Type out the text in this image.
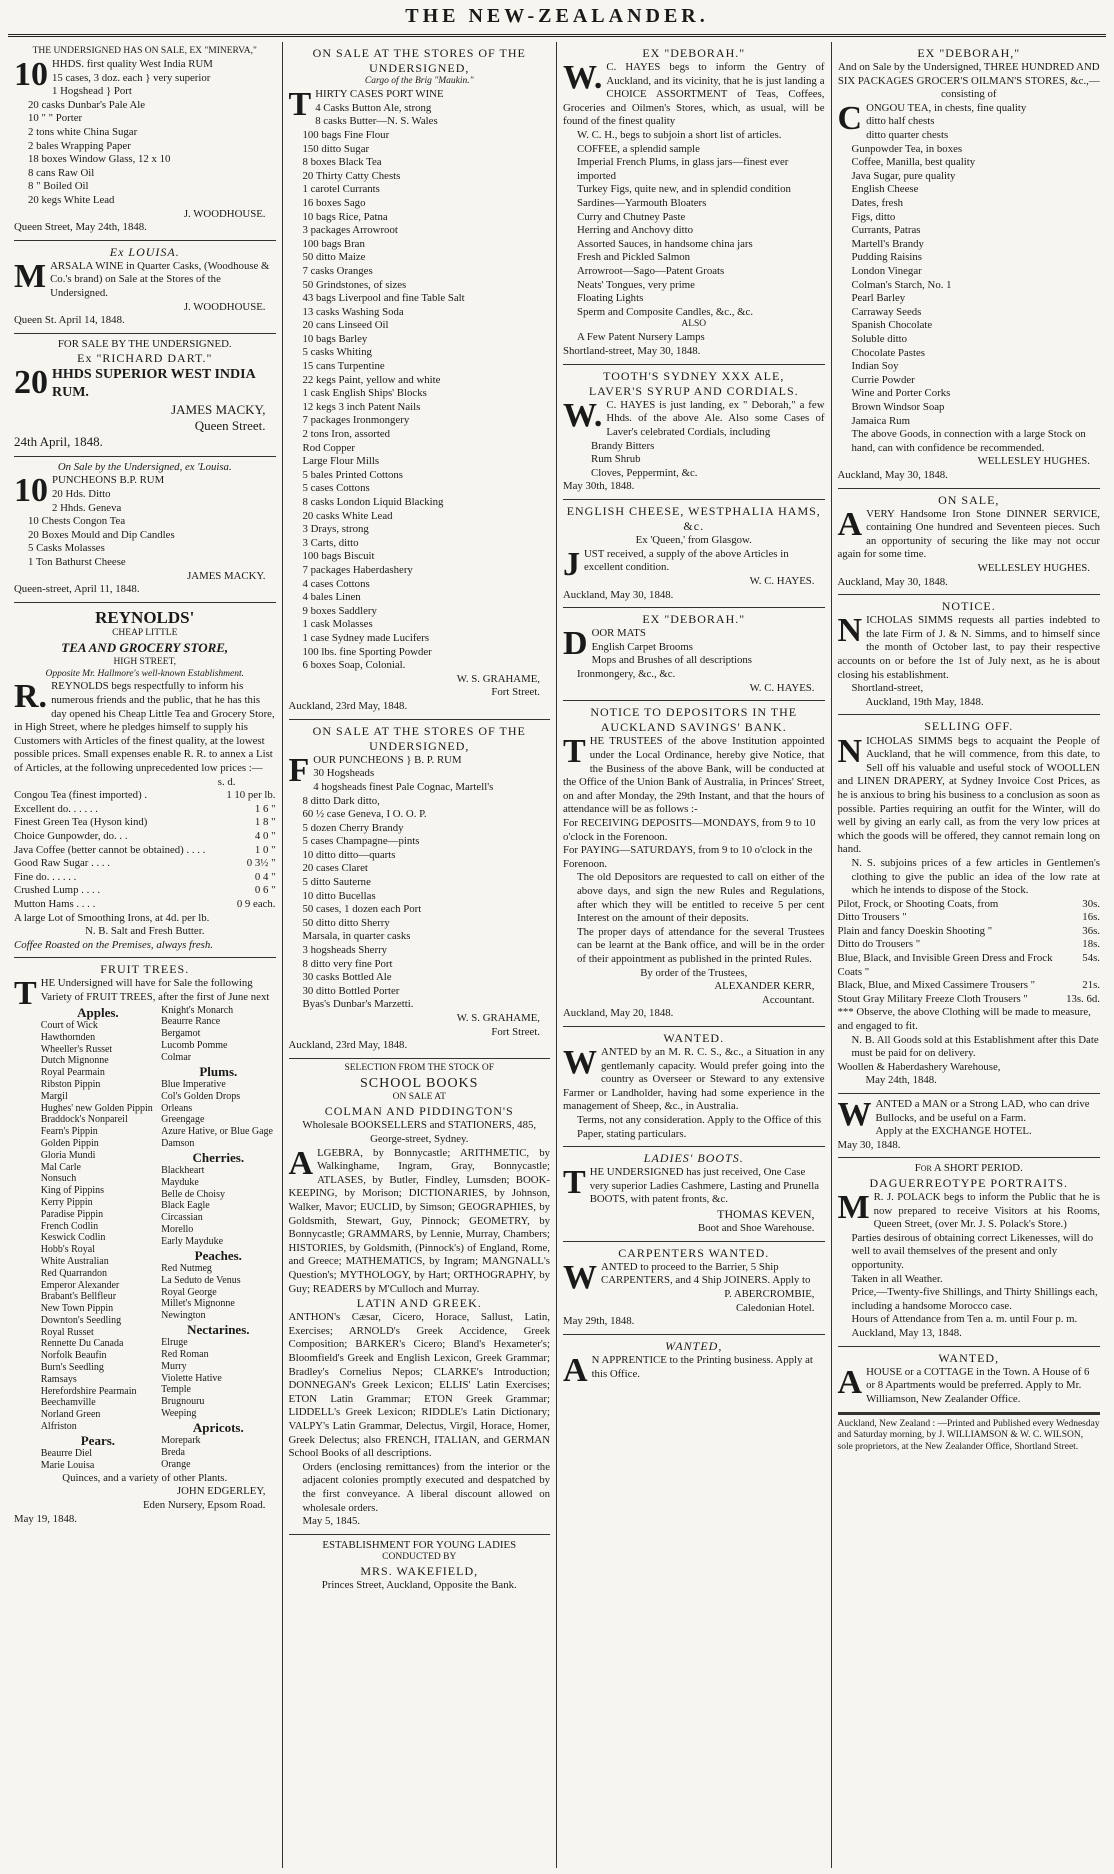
THE NEW-ZEALANDER.

THE UNDERSIGNED HAS ON SALE, EX "MINERVA,"

10 HHDS. first quality West India RUM

15 cases, 3 doz. each } very superior

1 Hogshead } Port

20 casks Dunbar's Pale Ale

10 " " Porter

2 tons white China Sugar

2 bales Wrapping Paper

18 boxes Window Glass, 12 x 10

8 cans Raw Oil

8 " Boiled Oil

20 kegs White Lead

J. WOODHOUSE.

Queen Street, May 24th, 1848.

Ex LOUISA.

MARSALA WINE in Quarter Casks, (Woodhouse & Co.'s brand) on Sale at the Stores of the Undersigned.

J. WOODHOUSE.

Queen St. April 14, 1848.

FOR SALE BY THE UNDERSIGNED.

Ex "RICHARD DART."

20 HHDS SUPERIOR WEST INDIA RUM.

JAMES MACKY,

Queen Street.

24th April, 1848.

On Sale by the Undersigned, ex 'Louisa.

10 PUNCHEONS B.P. RUM

20 Hds. Ditto

2 Hhds. Geneva

10 Chests Congon Tea

20 Boxes Mould and Dip Candles

5 Casks Molasses

1 Ton Bathurst Cheese

JAMES MACKY.

Queen-street, April 11, 1848.

REYNOLDS'

CHEAP LITTLE

TEA AND GROCERY STORE,

HIGH STREET,

Opposite Mr. Hallmore's well-known Establishment.

R. REYNOLDS begs respectfully to inform his numerous friends and the public, that he has this day opened his Cheap Little Tea and Grocery Store, in High Street, where he pledges himself to supply his Customers with Articles of the finest quality, at the lowest possible prices. Small expenses enable R. R. to annex a List of Articles, at the following unprecedented low prices :—

s. d.

Congou Tea (finest imported) .	1 10 per lb.
Excellent do. . . . . .	1 6 "
Finest Green Tea (Hyson kind)	1 8 "
Choice Gunpowder, do. . .	4 0 "
Java Coffee (better cannot be obtained) . . . .	1 0 "
Good Raw Sugar . . . .	0 3½ "
Fine do. . . . . .	0 4 "
Crushed Lump . . . .	0 6 "
Mutton Hams . . . .	0 9 each.

A large Lot of Smoothing Irons, at 4d. per lb.

N. B. Salt and Fresh Butter.

Coffee Roasted on the Premises, always fresh.

FRUIT TREES.

THE Undersigned will have for Sale the following Variety of FRUIT TREES, after the first of June next

Apples.

Court of Wick

Hawthornden

Wheeller's Russet

Dutch Mignonne

Royal Pearmain

Ribston Pippin

Margil

Hughes' new Golden Pippin

Braddock's Nonpareil

Fearn's Pippin

Golden Pippin

Gloria Mundi

Mal Carle

Nonsuch

King of Pippins

Kerry Pippin

Paradise Pippin

French Codlin

Keswick Codlin

Hobb's Royal

White Australian

Red Quarrandon

Emperor Alexander

Brabant's Bellfleur

New Town Pippin

Downton's Seedling

Royal Russet

Rennette Du Canada

Norfolk Beaufin

Burn's Seedling

Ramsays

Herefordshire Pearmain

Beechamville

Norland Green

Alfriston

Pears.

Beaurre Diel

Marie Louisa

Knight's Monarch

Beaurre Rance

Bergamot

Lucomb Pomme

Colmar

Plums.

Blue Imperative

Col's Golden Drops

Orleans

Greengage

Azure Hative, or Blue Gage

Damson

Cherries.

Blackheart

Mayduke

Belle de Choisy

Black Eagle

Circassian

Morello

Early Mayduke

Peaches.

Red Nutmeg

La Seduto de Venus

Royal George

Millet's Mignonne

Newington

Nectarines.

Elruge

Red Roman

Murry

Violette Hative

Temple

Brugnouru

Weeping

Apricots.

Morepark

Breda

Orange

Quinces, and a variety of other Plants.

JOHN EDGERLEY,

Eden Nursery, Epsom Road.

May 19, 1848.

ON SALE AT THE STORES OF THE UNDERSIGNED,

Cargo of the Brig "Maukin."

THIRTY CASES PORT WINE

4 Casks Button Ale, strong

8 casks Butter—N. S. Wales

100 bags Fine Flour

150 ditto Sugar

8 boxes Black Tea

20 Thirty Catty Chests

1 carotel Currants

16 boxes Sago

10 bags Rice, Patna

3 packages Arrowroot

100 bags Bran

50 ditto Maize

7 casks Oranges

50 Grindstones, of sizes

43 bags Liverpool and fine Table Salt

13 casks Washing Soda

20 cans Linseed Oil

10 bags Barley

5 casks Whiting

15 cans Turpentine

22 kegs Paint, yellow and white

1 cask English Ships' Blocks

12 kegs 3 inch Patent Nails

7 packages Ironmongery

2 tons Iron, assorted

Rod Copper

Large Flour Mills

5 bales Printed Cottons

5 cases Cottons

8 casks London Liquid Blacking

20 casks White Lead

3 Drays, strong

3 Carts, ditto

100 bags Biscuit

7 packages Haberdashery

4 cases Cottons

4 bales Linen

9 boxes Saddlery

1 cask Molasses

1 case Sydney made Lucifers

100 lbs. fine Sporting Powder

6 boxes Soap, Colonial.

W. S. GRAHAME,

Fort Street.

Auckland, 23rd May, 1848.

ON SALE AT THE STORES OF THE UNDERSIGNED,

FOUR PUNCHEONS } B. P. RUM

30 Hogsheads

4 hogsheads finest Pale Cognac, Martell's

8 ditto Dark ditto,

60 ½ case Geneva, I O. O. P.

5 dozen Cherry Brandy

5 cases Champagne—pints

10 ditto ditto—quarts

20 cases Claret

5 ditto Sauterne

10 ditto Bucellas

50 cases, 1 dozen each Port

50 ditto ditto Sherry

Marsala, in quarter casks

3 hogsheads Sherry

8 ditto very fine Port

30 casks Bottled Ale

30 ditto Bottled Porter

Byas's Dunbar's Marzetti.

W. S. GRAHAME,

Fort Street.

Auckland, 23rd May, 1848.

SELECTION FROM THE STOCK OF

SCHOOL BOOKS

ON SALE AT

COLMAN AND PIDDINGTON'S

Wholesale BOOKSELLERS and STATIONERS, 485, George-street, Sydney.

ALGEBRA, by Bonnycastle; ARITHMETIC, by Walkinghame, Ingram, Gray, Bonnycastle; ATLASES, by Butler, Findley, Lumsden; BOOK-KEEPING, by Morison; DICTIONARIES, by Johnson, Walker, Mavor; EUCLID, by Simson; GEOGRAPHIES, by Goldsmith, Stewart, Guy, Pinnock; GEOMETRY, by Bonnycastle; GRAMMARS, by Lennie, Murray, Chambers; HISTORIES, by Goldsmith, (Pinnock's) of England, Rome, and Greece; MATHEMATICS, by Ingram; MANGNALL's Question's; MYTHOLOGY, by Hart; ORTHOGRAPHY, by Guy; READERS by M'Culloch and Murray.

LATIN AND GREEK.

ANTHON's Cæsar, Cicero, Horace, Sallust, Latin, Exercises; ARNOLD's Greek Accidence, Greek Composition; BARKER's Cicero; Bland's Hexameter's; Bloomfield's Greek and English Lexicon, Greek Grammar; Bradley's Cornelius Nepos; CLARKE's Introduction; DONNEGAN's Greek Lexicon; ELLIS' Latin Exercises; ETON Latin Grammar; ETON Greek Grammar; LIDDELL's Greek Lexicon; RIDDLE's Latin Dictionary; VALPY's Latin Grammar, Delectus, Virgil, Horace, Homer, Greek Delectus; also FRENCH, ITALIAN, and GERMAN School Books of all descriptions.

Orders (enclosing remittances) from the interior or the adjacent colonies promptly executed and despatched by the first conveyance. A liberal discount allowed on wholesale orders.

May 5, 1845.

ESTABLISHMENT FOR YOUNG LADIES

CONDUCTED BY

MRS. WAKEFIELD,

Princes Street, Auckland, Opposite the Bank.

EX "DEBORAH."

W. C. HAYES begs to inform the Gentry of Auckland, and its vicinity, that he is just landing a CHOICE ASSORTMENT of Teas, Coffees, Groceries and Oilmen's Stores, which, as usual, will be found of the finest quality

W. C. H., begs to subjoin a short list of articles.

COFFEE, a splendid sample

Imperial French Plums, in glass jars—finest ever imported

Turkey Figs, quite new, and in splendid condition

Sardines—Yarmouth Bloaters

Curry and Chutney Paste

Herring and Anchovy ditto

Assorted Sauces, in handsome china jars

Fresh and Pickled Salmon

Arrowroot—Sago—Patent Groats

Neats' Tongues, very prime

Floating Lights

Sperm and Composite Candles, &c., &c.

ALSO

A Few Patent Nursery Lamps

Shortland-street, May 30, 1848.

TOOTH'S SYDNEY XXX ALE,

LAVER'S SYRUP AND CORDIALS.

W. C. HAYES is just landing, ex " Deborah," a few Hhds. of the above Ale. Also some Cases of Laver's celebrated Cordials, including

Brandy Bitters

Rum Shrub

Cloves, Peppermint, &c.

May 30th, 1848.

ENGLISH CHEESE, WESTPHALIA HAMS, &c.

Ex 'Queen,' from Glasgow.

JUST received, a supply of the above Articles in excellent condition.

W. C. HAYES.

Auckland, May 30, 1848.

EX "DEBORAH."

DOOR MATS

English Carpet Brooms

Mops and Brushes of all descriptions

Ironmongery, &c., &c.

W. C. HAYES.

NOTICE TO DEPOSITORS IN THE AUCKLAND SAVINGS' BANK.

THE TRUSTEES of the above Institution appointed under the Local Ordinance, hereby give Notice, that the Business of the above Bank, will be conducted at the Office of the Union Bank of Australia, in Princes' Street, on and after Monday, the 29th Instant, and that the hours of attendance will be as follows :-

For RECEIVING DEPOSITS—MONDAYS, from 9 to 10 o'clock in the Forenoon.

For PAYING—SATURDAYS, from 9 to 10 o'clock in the Forenoon.

The old Depositors are requested to call on either of the above days, and sign the new Rules and Regulations, after which they will be entitled to receive 5 per cent Interest on the amount of their deposits.

The proper days of attendance for the several Trustees can be learnt at the Bank office, and will be in the order of their appointment as published in the printed Rules.

By order of the Trustees,

ALEXANDER KERR,

Accountant.

Auckland, May 20, 1848.

WANTED.

WANTED by an M. R. C. S., &c., a Situation in any gentlemanly capacity. Would prefer going into the country as Overseer or Steward to any extensive Farmer or Landholder, having had some experience in the management of Sheep, &c., in Australia.

Terms, not any consideration. Apply to the Office of this Paper, stating particulars.

LADIES' BOOTS.

THE UNDERSIGNED has just received, One Case very superior Ladies Cashmere, Lasting and Prunella BOOTS, with patent fronts, &c.

THOMAS KEVEN,

Boot and Shoe Warehouse.

CARPENTERS WANTED.

WANTED to proceed to the Barrier, 5 Ship CARPENTERS, and 4 Ship JOINERS. Apply to

P. ABERCROMBIE,

Caledonian Hotel.

May 29th, 1848.

WANTED,

A N APPRENTICE to the Printing business. Apply at this Office.

EX "DEBORAH,"

And on Sale by the Undersigned, THREE HUNDRED AND SIX PACKAGES GROCER'S OILMAN'S STORES, &c.,—consisting of

CONGOU TEA, in chests, fine quality

ditto half chests

ditto quarter chests

Gunpowder Tea, in boxes

Coffee, Manilla, best quality

Java Sugar, pure quality

English Cheese

Dates, fresh

Figs, ditto

Currants, Patras

Martell's Brandy

Pudding Raisins

London Vinegar

Colman's Starch, No. 1

Pearl Barley

Carraway Seeds

Spanish Chocolate

Soluble ditto

Chocolate Pastes

Indian Soy

Currie Powder

Wine and Porter Corks

Brown Windsor Soap

Jamaica Rum

The above Goods, in connection with a large Stock on hand, can with confidence be recommended.

WELLESLEY HUGHES.

Auckland, May 30, 1848.

ON SALE,

AVERY Handsome Iron Stone DINNER SERVICE, containing One hundred and Seventeen pieces. Such an opportunity of securing the like may not occur again for some time.

WELLESLEY HUGHES.

Auckland, May 30, 1848.

NOTICE.

NICHOLAS SIMMS requests all parties indebted to the late Firm of J. & N. Simms, and to himself since the month of October last, to pay their respective accounts on or before the 1st of July next, as he is about closing his establishment.

Shortland-street,

Auckland, 19th May, 1848.

SELLING OFF.

NICHOLAS SIMMS begs to acquaint the People of Auckland, that he will commence, from this date, to Sell off his valuable and useful stock of WOOLLEN and LINEN DRAPERY, at Sydney Invoice Cost Prices, as he is anxious to bring his business to a conclusion as soon as possible. Parties requiring an outfit for the Winter, will do well by giving an early call, as from the very low prices at which the goods will be offered, they cannot remain long on hand.

N. S. subjoins prices of a few articles in Gentlemen's clothing to give the public an idea of the low rate at which he intends to dispose of the Stock.

Pilot, Frock, or Shooting Coats, from	30s.
Ditto Trousers "	16s.
Plain and fancy Doeskin Shooting "	36s.
Ditto do Trousers "	18s.
Blue, Black, and Invisible Green Dress and Frock Coats "
54s.
Black, Blue, and Mixed Cassimere Trousers "	21s.
Stout Gray Military Freeze Cloth Trousers "	13s. 6d.

*** Observe, the above Clothing will be made to measure, and engaged to fit.

N. B. All Goods sold at this Establishment after this Date must be paid for on delivery.

Woollen & Haberdashery Warehouse,

May 24th, 1848.

WANTED a MAN or a Strong LAD, who can drive Bullocks, and be useful on a Farm.

Apply at the EXCHANGE HOTEL.

May 30, 1848.

For A SHORT PERIOD.

DAGUERREOTYPE PORTRAITS.

M R. J. POLACK begs to inform the Public that he is now prepared to receive Visitors at his Rooms, Queen Street, (over Mr. J. S. Polack's Store.)

Parties desirous of obtaining correct Likenesses, will do well to avail themselves of the present and only opportunity.

Taken in all Weather.

Price,—Twenty-five Shillings, and Thirty Shillings each, including a handsome Morocco case.

Hours of Attendance from Ten a. m. until Four p. m.

Auckland, May 13, 1848.

WANTED,

AHOUSE or a COTTAGE in the Town. A House of 6 or 8 Apartments would be preferred. Apply to Mr. Williamson, New Zealander Office.

Auckland, New Zealand : —Printed and Published every Wednesday and Saturday morning, by J. WILLIAMSON & W. C. WILSON, sole proprietors, at the New Zealander Office, Shortland Street.
